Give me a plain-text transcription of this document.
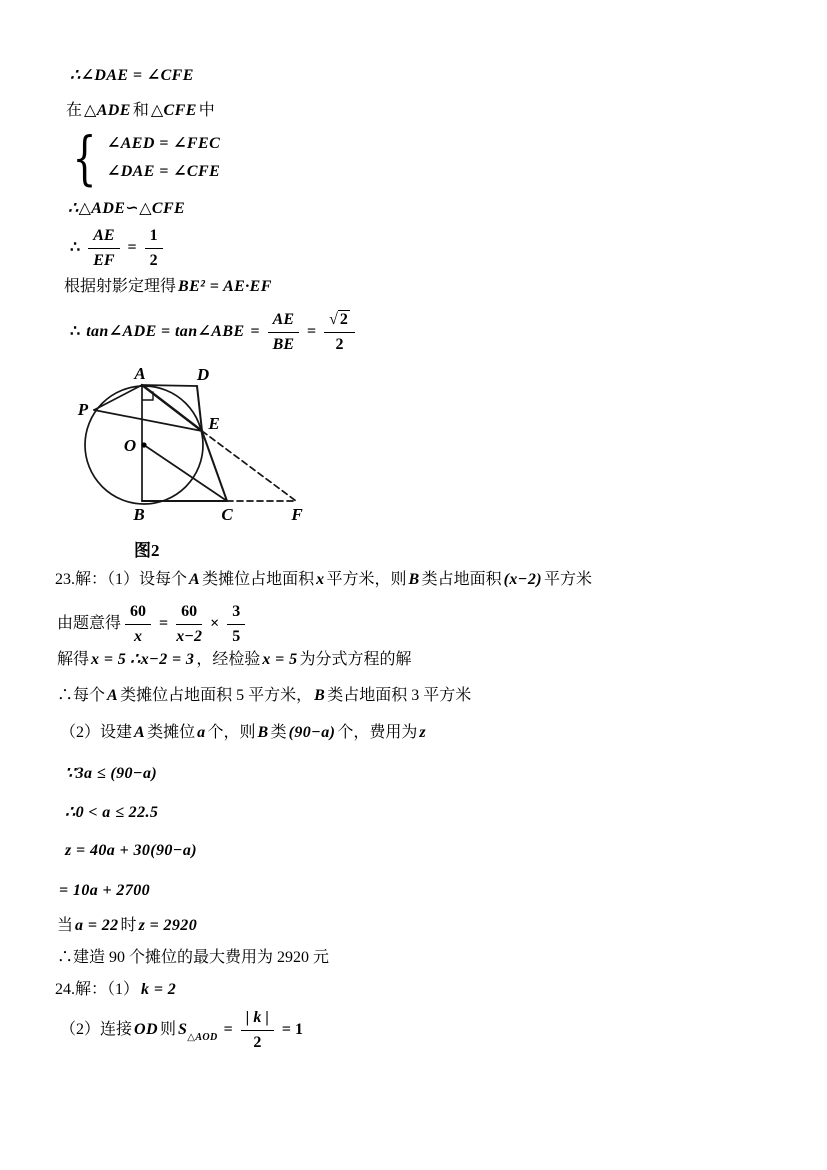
∴∠DAE = ∠CFE
在 △ADE 和 △CFE 中
{ ∠AED = ∠FEC
∠DAE = ∠CFE
∴△ADE∽△CFE
∴ $\frac{AE}{EF} = \frac{1}{2}$
根据射影定理得 BE² = AE·EF
∴ tan∠ADE = tan∠ABE = $\frac{AE}{BE} = \frac{√ 2}{2}$
A	D
P
E
O
B	C	F
图2
23.解：（1）设每个 A 类摊位占地面积 x 平方米，则 B 类占地面积 (x−2) 平方米
由题意得 $\frac{60}{x} = \frac{60}{x-2} \times \frac{3}{5}$
解得 x = 5 ∴x−2 = 3 ，经检验 x = 5 为分式方程的解
∴每个 A 类摊位占地面积 5 平方米， B 类占地面积 3 平方米
（2）设建 A 类摊位 a 个，则 B 类 (90−a) 个，费用为 z
∵3a ≤ (90−a)
∴0 < a ≤ 22.5
z = 40a + 30(90−a)
= 10a + 2700
当 a = 22 时 z = 2920
∴建造 90 个摊位的最大费用为 2920 元
24.解：（1） k = 2
（2）连接 OD 则 $S_{\triangle AOD} = \frac{| k |}{2} = 1$
